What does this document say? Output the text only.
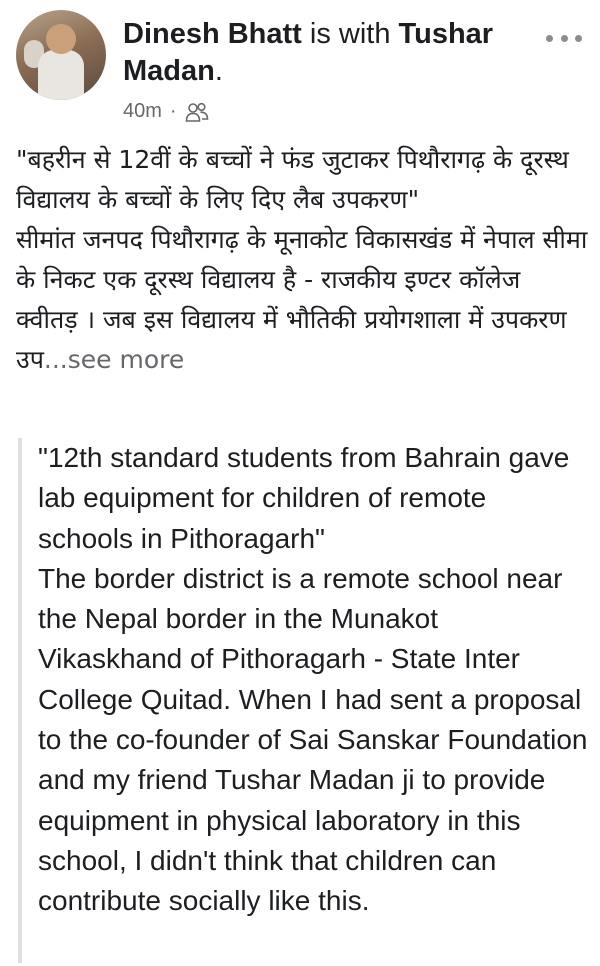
Dinesh Bhatt is with Tushar Madan.
40m ·

"बहरीन से 12वीं के बच्चों ने फंड जुटाकर पिथौरागढ़ के दूरस्थ विद्यालय के बच्चों के लिए दिए लैब उपकरण"

सीमांत जनपद पिथौरागढ़ के मूनाकोट विकासखंड में नेपाल सीमा के निकट एक दूरस्थ विद्यालय है - राजकीय इण्टर कॉलेज क्वीतड़ । जब इस विद्यालय में भौतिकी प्रयोगशाला में उपकरण उप...see more

"12th standard students from Bahrain gave lab equipment for children of remote schools in Pithoragarh"

The border district is a remote school near the Nepal border in the Munakot Vikaskhand of Pithoragarh - State Inter College Quitad. When I had sent a proposal to the co-founder of Sai Sanskar Foundation and my friend Tushar Madan ji to provide equipment in physical laboratory in this school, I didn't think that children can contribute socially like this.
